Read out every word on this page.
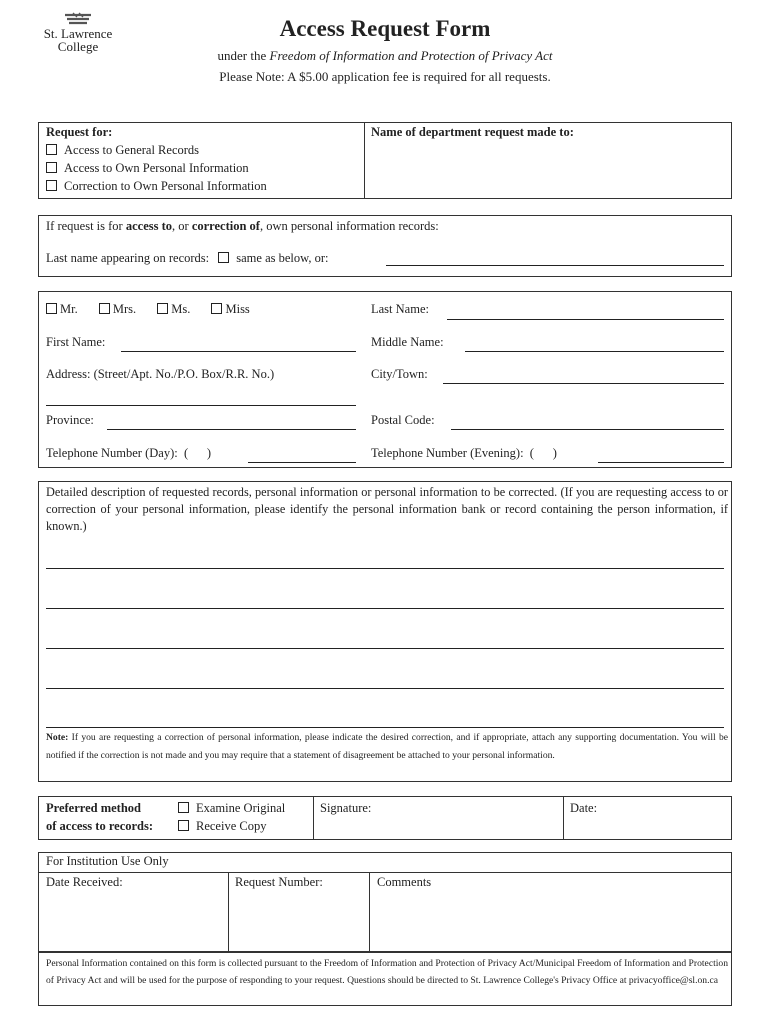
St. Lawrence
College
Access Request Form
under the Freedom of Information and Protection of Privacy Act
Please Note: A $5.00 application fee is required for all requests.
Request for:
Access to General Records
Access to Own Personal Information
Correction to Own Personal Information
Name of department request made to:
If request is for access to, or correction of, own personal information records:
Last name appearing on records: same as below, or:
Mr.	Mrs.	Ms.	Miss	Last Name:
First Name:	Middle Name:
Address: (Street/Apt. No./P.O. Box/R.R. No.)	City/Town:
Province:	Postal Code:
Telephone Number (Day): ( )	Telephone Number (Evening): ( )
Detailed description of requested records, personal information or personal information to be corrected. (If you are requesting access to or correction of your personal information, please identify the personal information bank or record containing the person information, if known.)
Note: If you are requesting a correction of personal information, please indicate the desired correction, and if appropriate, attach any supporting documentation. You will be notified if the correction is not made and you may require that a statement of disagreement be attached to your personal information.
Preferred method
of access to records:
Examine Original
Receive Copy
Signature:	Date:
For Institution Use Only
Date Received:	Request Number:	Comments
Personal Information contained on this form is collected pursuant to the Freedom of Information and Protection of Privacy Act/Municipal Freedom of Information and Protection of Privacy Act and will be used for the purpose of responding to your request. Questions should be directed to St. Lawrence College's Privacy Office at privacyoffice@sl.on.ca
